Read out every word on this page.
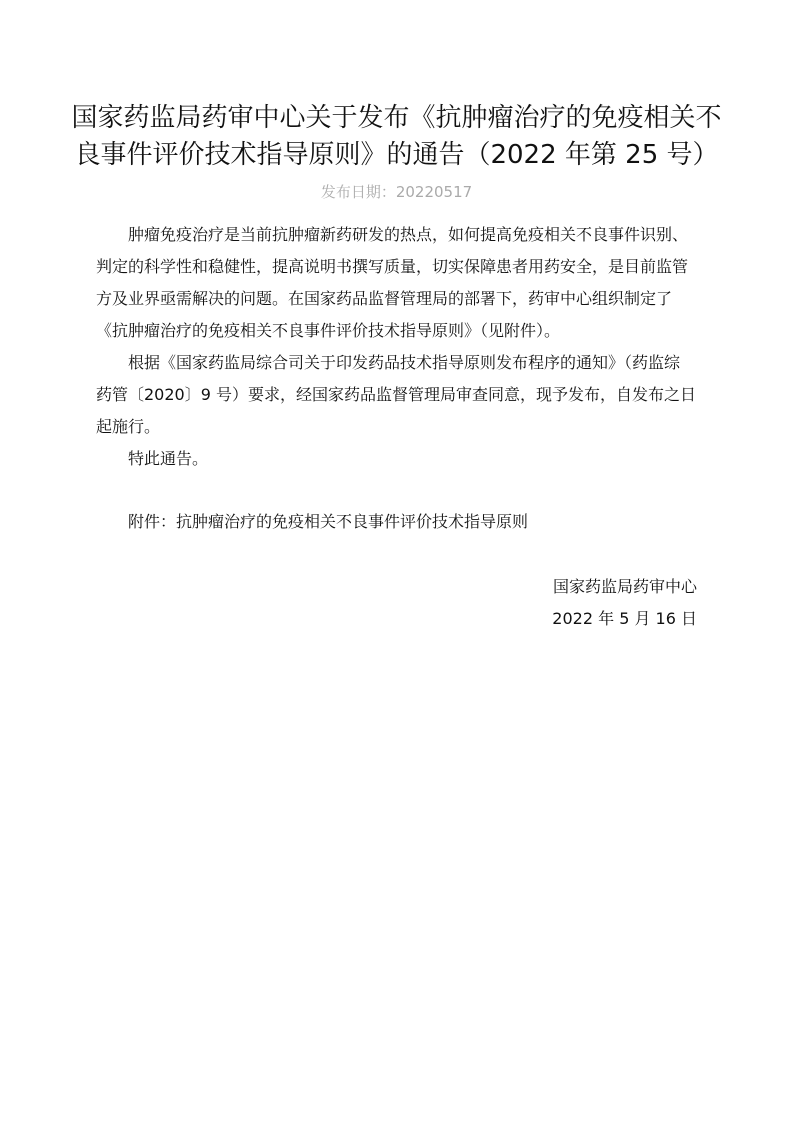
国家药监局药审中心关于发布《抗肿瘤治疗的免疫相关不
良事件评价技术指导原则》的通告（2022 年第 25 号）
发布日期：20220517
肿瘤免疫治疗是当前抗肿瘤新药研发的热点，如何提高免疫相关不良事件识别、
判定的科学性和稳健性，提高说明书撰写质量，切实保障患者用药安全，是目前监管
方及业界亟需解决的问题。在国家药品监督管理局的部署下，药审中心组织制定了
《抗肿瘤治疗的免疫相关不良事件评价技术指导原则》（见附件）。
根据《国家药监局综合司关于印发药品技术指导原则发布程序的通知》（药监综
药管〔2020〕9 号）要求，经国家药品监督管理局审查同意，现予发布，自发布之日
起施行。
特此通告。
附件：抗肿瘤治疗的免疫相关不良事件评价技术指导原则
国家药监局药审中心
2022 年 5 月 16 日
